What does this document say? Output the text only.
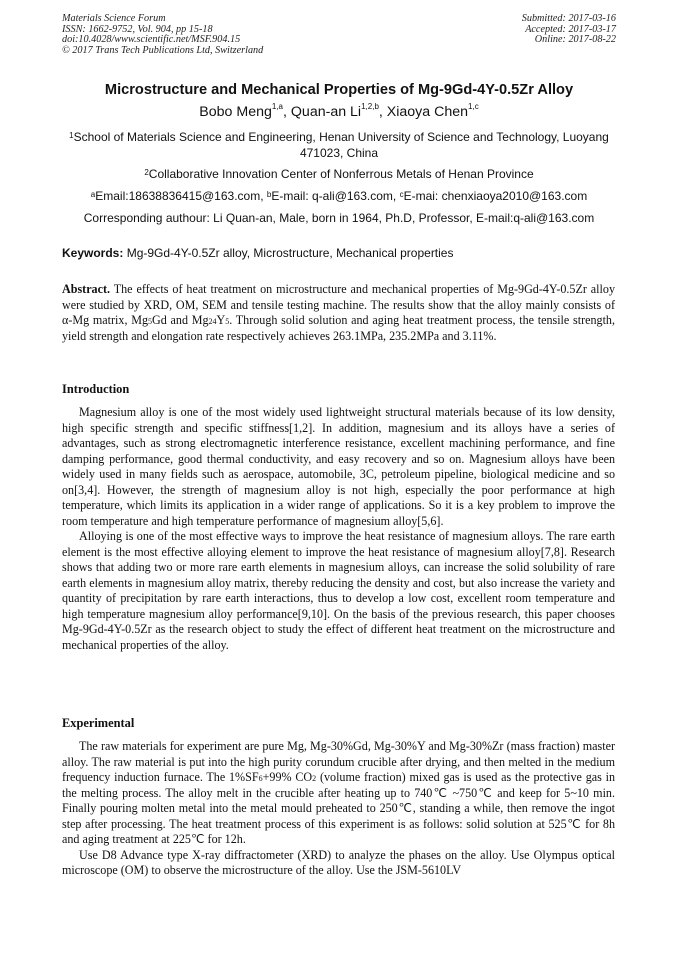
Materials Science Forum
ISSN: 1662-9752, Vol. 904, pp 15-18
doi:10.4028/www.scientific.net/MSF.904.15
© 2017 Trans Tech Publications Ltd, Switzerland
Submitted: 2017-03-16
Accepted: 2017-03-17
Online: 2017-08-22
Microstructure and Mechanical Properties of Mg-9Gd-4Y-0.5Zr Alloy
Bobo Meng$^{1,a}$, Quan-an Li$^{1,2,b}$, Xiaoya Chen$^{1,c}$
$^1$School of Materials Science and Engineering, Henan University of Science and Technology, Luoyang 471023, China
$^2$Collaborative Innovation Center of Nonferrous Metals of Henan Province
$^a$Email:18638836415@163.com, $^b$E-mail: q-ali@163.com, $^c$E-mai: chenxiaoya2010@163.com
Corresponding authour: Li Quan-an, Male, born in 1964, Ph.D, Professor, E-mail:q-ali@163.com
Keywords: Mg-9Gd-4Y-0.5Zr alloy, Microstructure, Mechanical properties

Abstract. The effects of heat treatment on microstructure and mechanical properties of Mg-9Gd-4Y-0.5Zr alloy were studied by XRD, OM, SEM and tensile testing machine. The results show that the alloy mainly consists of α-Mg matrix, $Mg_5Gd$ and $Mg_{24}Y_5$. Through solid solution and aging heat treatment process, the tensile strength, yield strength and elongation rate respectively achieves 263.1MPa, 235.2MPa and 3.11%.

Introduction

Magnesium alloy is one of the most widely used lightweight structural materials because of its low density, high specific strength and specific stiffness[1,2]. In addition, magnesium and its alloys have a series of advantages, such as strong electromagnetic interference resistance, excellent machining performance, and fine damping performance, good thermal conductivity, and easy recovery and so on. Magnesium alloys have been widely used in many fields such as aerospace, automobile, 3C, petroleum pipeline, biological medicine and so on[3,4]. However, the strength of magnesium alloy is not high, especially the poor performance at high temperature, which limits its application in a wider range of applications. So it is a key problem to improve the room temperature and high temperature performance of magnesium alloy[5,6].

Alloying is one of the most effective ways to improve the heat resistance of magnesium alloys. The rare earth element is the most effective alloying element to improve the heat resistance of magnesium alloy[7,8]. Research shows that adding two or more rare earth elements in magnesium alloys, can increase the solid solubility of rare earth elements in magnesium alloy matrix, thereby reducing the density and cost, but also increase the variety and quantity of precipitation by rare earth interactions, thus to develop a low cost, excellent room temperature and high temperature magnesium alloy performance[9,10]. On the basis of the previous research, this paper chooses Mg-9Gd-4Y-0.5Zr as the research object to study the effect of different heat treatment on the microstructure and mechanical properties of the alloy.

Experimental

The raw materials for experiment are pure Mg, Mg-30%Gd, Mg-30%Y and Mg-30%Zr (mass fraction) master alloy. The raw material is put into the high purity corundum crucible after drying, and then melted in the medium frequency induction furnace. The $1\%SF_6+99\%$ $CO_2$ (volume fraction) mixed gas is used as the protective gas in the melting process. The alloy melt in the crucible after heating up to 740℃ ~750℃ and keep for 5~10 min. Finally pouring molten metal into the metal mould preheated to 250℃, standing a while, then remove the ingot step after processing. The heat treatment process of this experiment is as follows: solid solution at 525℃ for 8h and aging treatment at 225℃ for 12h.

Use D8 Advance type X-ray diffractometer (XRD) to analyze the phases on the alloy. Use Olympus optical microscope (OM) to observe the microstructure of the alloy. Use the JSM-5610LV
